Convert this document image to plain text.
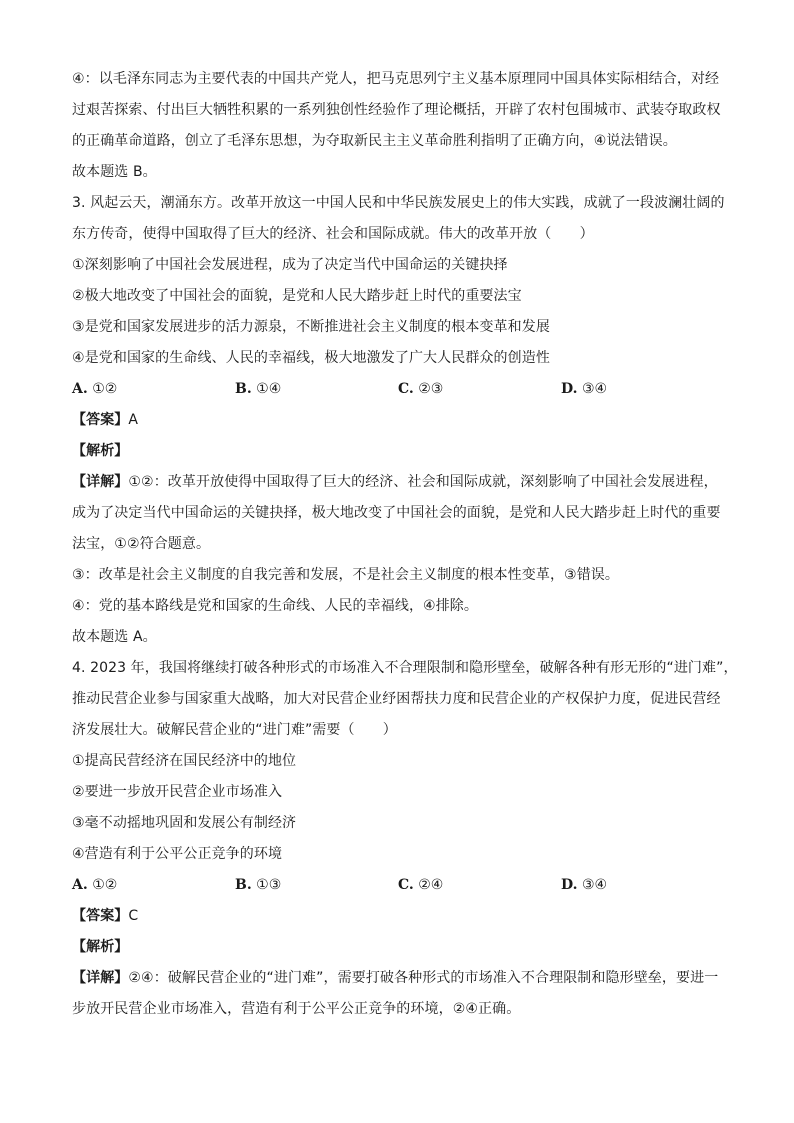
④：以毛泽东同志为主要代表的中国共产党人，把马克思列宁主义基本原理同中国具体实际相结合，对经
过艰苦探索、付出巨大牺牲积累的一系列独创性经验作了理论概括，开辟了农村包围城市、武装夺取政权
的正确革命道路，创立了毛泽东思想，为夺取新民主主义革命胜利指明了正确方向，④说法错误。
故本题选 B。
3. 风起云天，潮涌东方。改革开放这一中国人民和中华民族发展史上的伟大实践，成就了一段波澜壮阔的
东方传奇，使得中国取得了巨大的经济、社会和国际成就。伟大的改革开放（　　）
①深刻影响了中国社会发展进程，成为了决定当代中国命运的关键抉择
②极大地改变了中国社会的面貌，是党和人民大踏步赶上时代的重要法宝
③是党和国家发展进步的活力源泉，不断推进社会主义制度的根本变革和发展
④是党和国家的生命线、人民的幸福线，极大地激发了广大人民群众的创造性
A. ①②	B. ①④	C. ②③	D. ③④
【答案】A
【解析】
【详解】①②：改革开放使得中国取得了巨大的经济、社会和国际成就，深刻影响了中国社会发展进程，
成为了决定当代中国命运的关键抉择，极大地改变了中国社会的面貌，是党和人民大踏步赶上时代的重要
法宝，①②符合题意。
③：改革是社会主义制度的自我完善和发展，不是社会主义制度的根本性变革，③错误。
④：党的基本路线是党和国家的生命线、人民的幸福线，④排除。
故本题选 A。
4. 2023 年，我国将继续打破各种形式的市场准入不合理限制和隐形壁垒，破解各种有形无形的“进门难”，
推动民营企业参与国家重大战略，加大对民营企业纾困帮扶力度和民营企业的产权保护力度，促进民营经
济发展壮大。破解民营企业的“进门难”需要（　　）
①提高民营经济在国民经济中的地位
②要进一步放开民营企业市场准入
③毫不动摇地巩固和发展公有制经济
④营造有利于公平公正竞争的环境
A. ①②	B. ①③	C. ②④	D. ③④
【答案】C
【解析】
【详解】②④：破解民营企业的“进门难”，需要打破各种形式的市场准入不合理限制和隐形壁垒，要进一
步放开民营企业市场准入，营造有利于公平公正竞争的环境，②④正确。
